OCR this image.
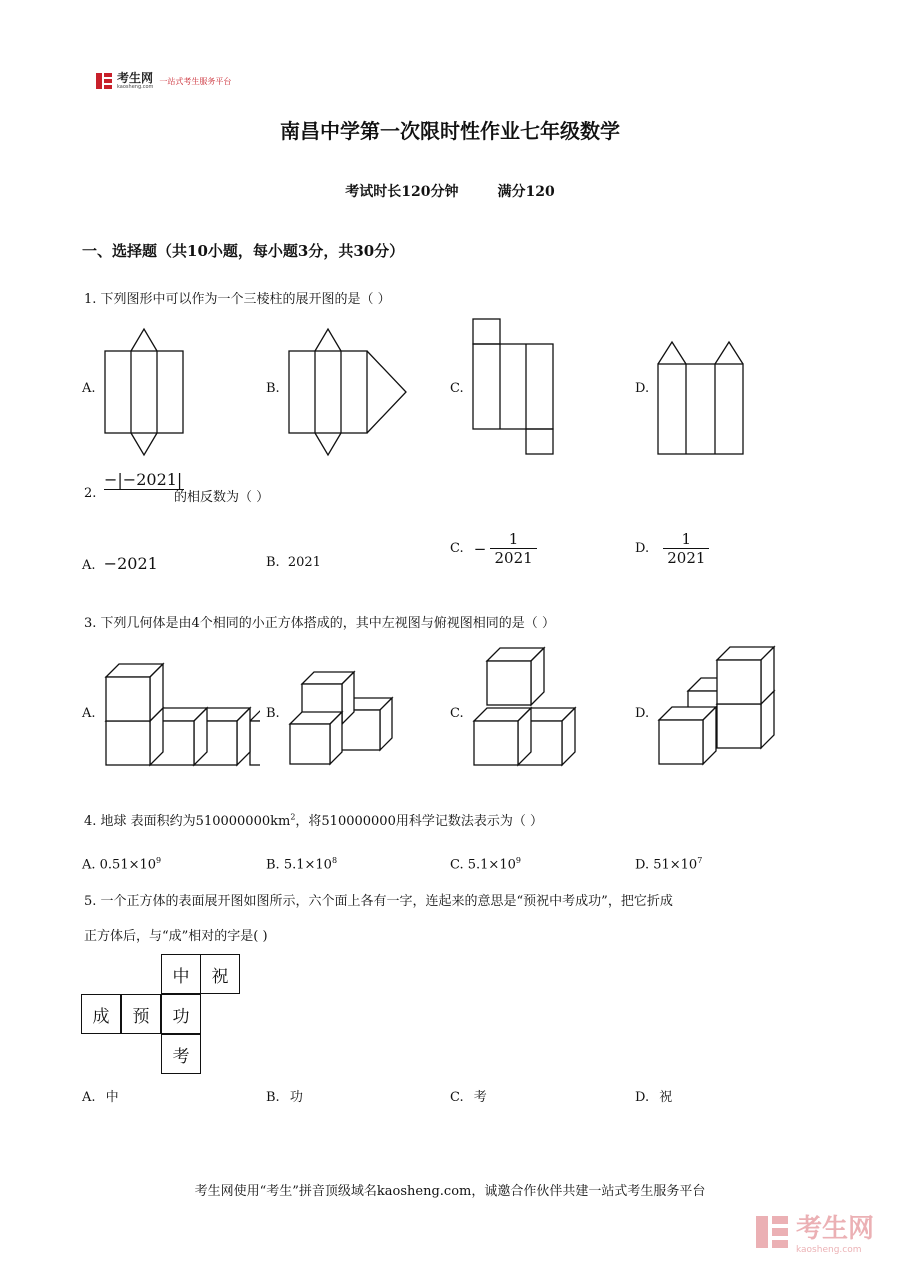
考生网
kaosheng.com
一站式考生服务平台
南昌中学第一次限时性作业七年级数学
考试时长120分钟        满分120
一、选择题（共10小题，每小题3分，共30分）
1. 下列图形中可以作为一个三棱柱的展开图的是（ ）
A.	B.	C.	D.
2.
−|−2021|
的相反数为（ ）
A. −2021	B. 2021
C. − $\frac{1}{2021}$	D. $\frac{1}{2021}$
3. 下列几何体是由4个相同的小正方体搭成的，其中左视图与俯视图相同的是（ ）
A.	B.	C.	D.
4. 地球 表面积约为$510000000km^2$，将510000000用科学记数法表示为（ ）
A. $0.51\times 10^9$	B. $5.1\times 10^8$	C. $5.1\times 10^9$	D. $51\times 10^7$
5. 一个正方体的表面展开图如图所示，六个面上各有一字，连起来的意思是“预祝中考成功”，把它折成
正方体后，与“成”相对的字是( )
中	祝
成	预	功
考
A. 中	B. 功	C. 考	D. 祝
考生网使用“考生”拼音顶级域名kaosheng.com，诚邀合作伙伴共建一站式考生服务平台
考生网
kaosheng.com
